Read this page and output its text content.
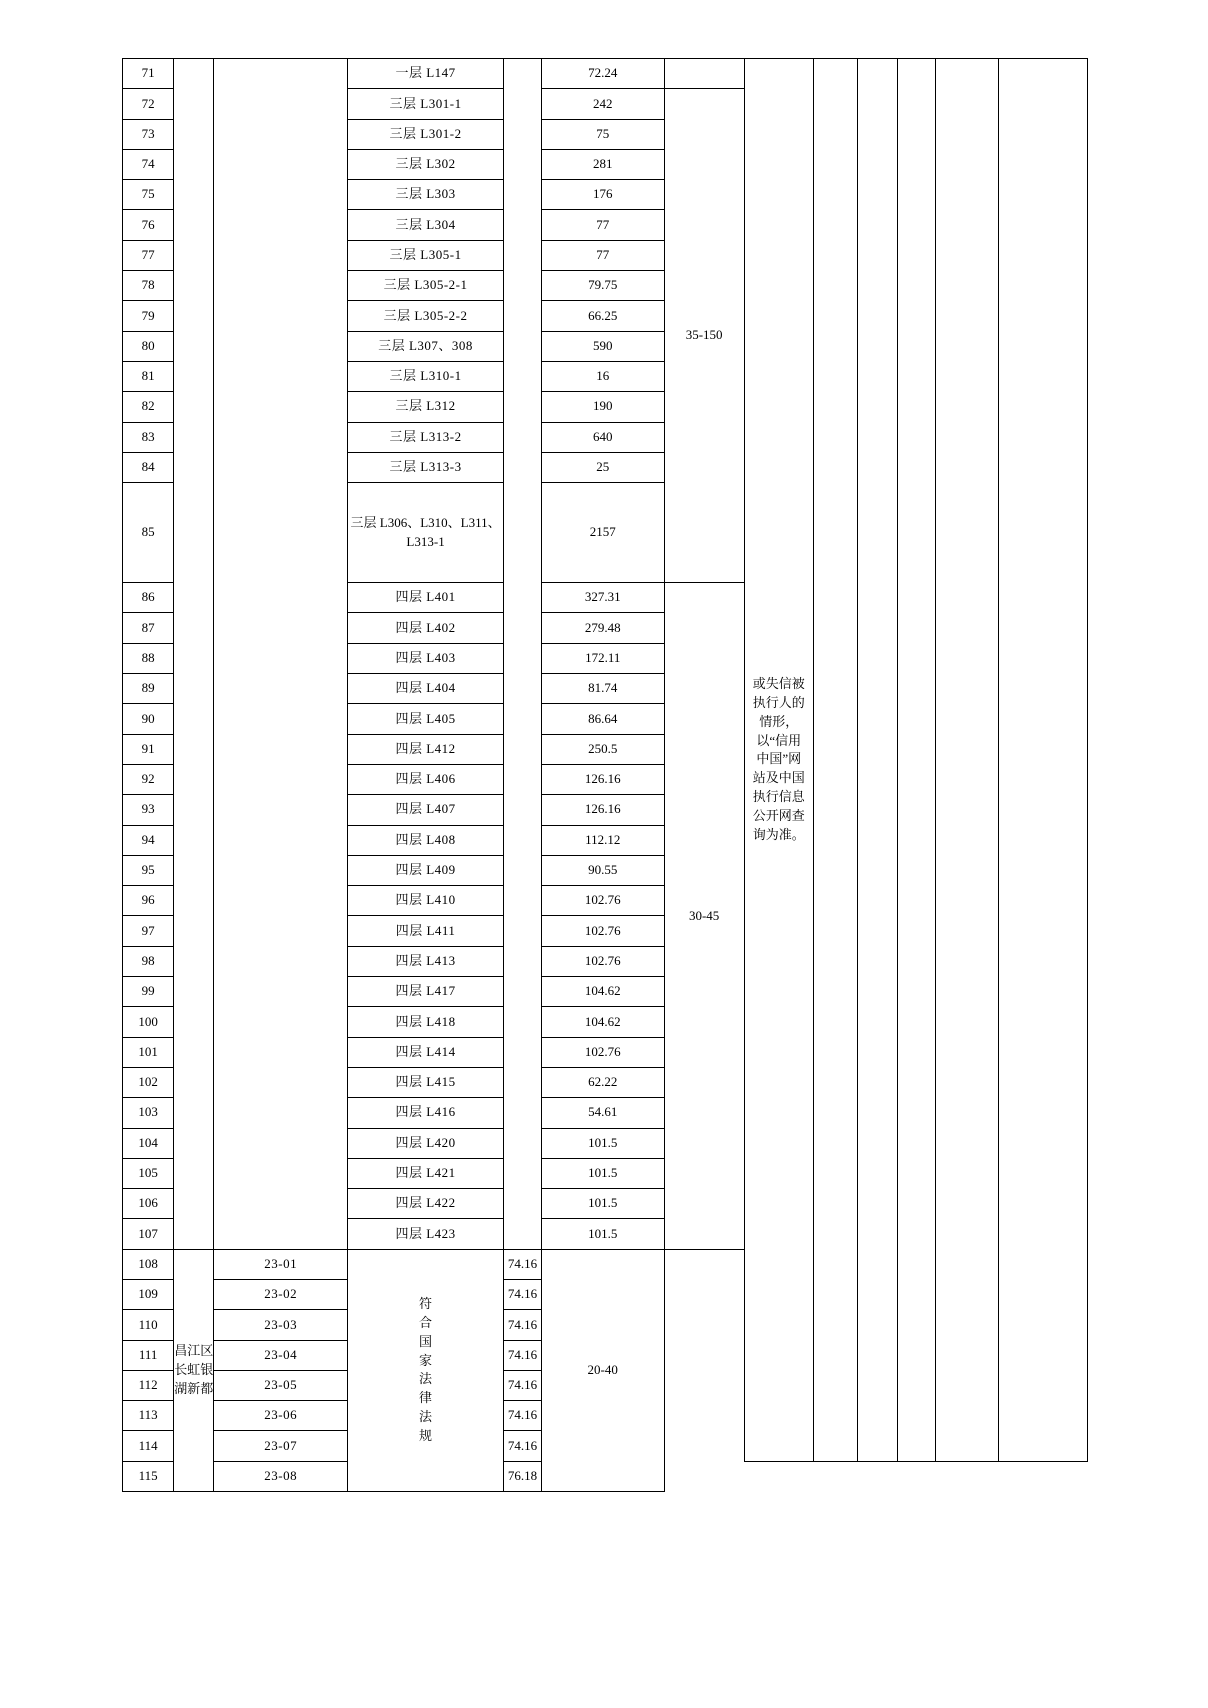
71			一层 L147		72.24		或失信被执行人的情形，以“信用中国”网站及中国执行信息公开网查询为准。					

72			三层 L301-1		242	35-150						
73			三层 L301-2		75							
74			三层 L302		281							
75			三层 L303		176							
76			三层 L304		77							
77			三层 L305-1		77							
78			三层 L305-2-1		79.75							
79			三层 L305-2-2		66.25							
80			三层 L307、308		590							
81			三层 L310-1		16							
82			三层 L312		190							
83			三层 L313-2		640							
84			三层 L313-3		25							
85			三层 L306、L310、L311、L313-1		2157							
86			四层 L401		327.31	30-45						
87			四层 L402		279.48							
88			四层 L403		172.11							
89			四层 L404		81.74							
90			四层 L405		86.64							
91			四层 L412		250.5							
92			四层 L406		126.16							
93			四层 L407		126.16							
94			四层 L408		112.12							
95			四层 L409		90.55							
96			四层 L410		102.76							
97			四层 L411		102.76							
98			四层 L413		102.76							
99			四层 L417		104.62							
100			四层 L418		104.62							
101			四层 L414		102.76							
102			四层 L415		62.22							
103			四层 L416		54.61							
104			四层 L420		101.5							
105			四层 L421		101.5							
106			四层 L422		101.5							
107			四层 L423		101.5							
108	昌江区长虹银湖新都	23-01	符合国家法律法规	74.16	20-40							
109		23-02		74.16								
110		23-03		74.16								
111		23-04		74.16								
112		23-05		74.16								
113		23-06		74.16								
114		23-07		74.16								
115		23-08		76.18								
